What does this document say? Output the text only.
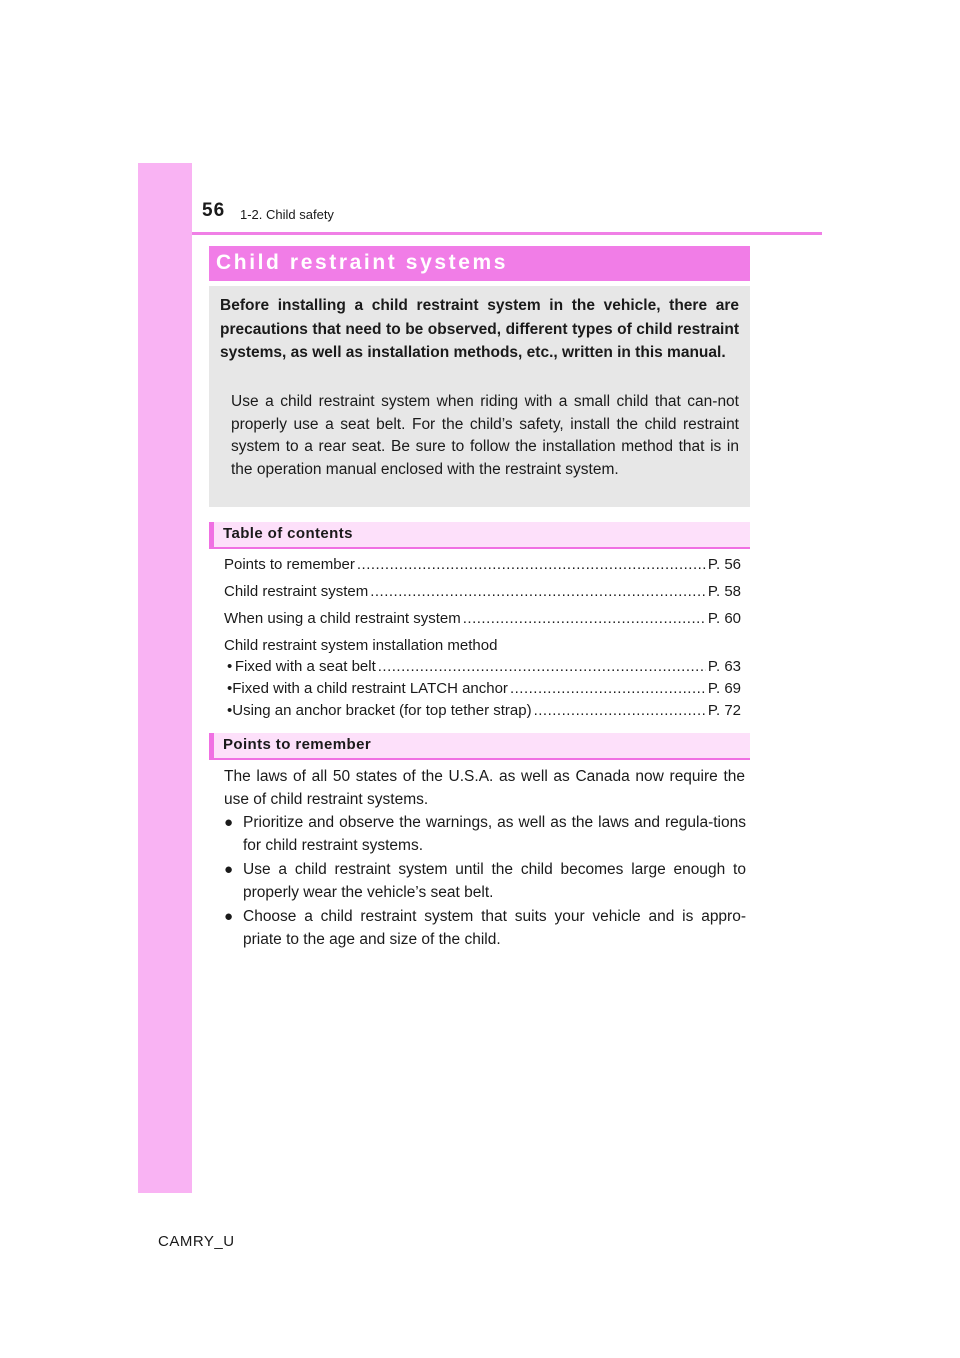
56 1-2. Child safety
Child restraint systems
Before installing a child restraint system in the vehicle, there are precautions that need to be observed, different types of child restraint systems, as well as installation methods, etc., written in this manual.
Use a child restraint system when riding with a small child that can-not properly use a seat belt. For the child’s safety, install the child restraint system to a rear seat. Be sure to follow the installation method that is in the operation manual enclosed with the restraint system.
Table of contents
Points to remember .....	P. 56
Child restraint system .....	P. 58
When using a child restraint system .....	P. 60
Child restraint system installation method
• Fixed with a seat belt .....	P. 63
• Fixed with a child restraint LATCH anchor .....	P. 69
• Using an anchor bracket (for top tether strap) .....	P. 72
Points to remember
The laws of all 50 states of the U.S.A. as well as Canada now require the use of child restraint systems.
● Prioritize and observe the warnings, as well as the laws and regula-tions for child restraint systems.
● Use a child restraint system until the child becomes large enough to properly wear the vehicle’s seat belt.
● Choose a child restraint system that suits your vehicle and is appro-priate to the age and size of the child.
CAMRY_U
